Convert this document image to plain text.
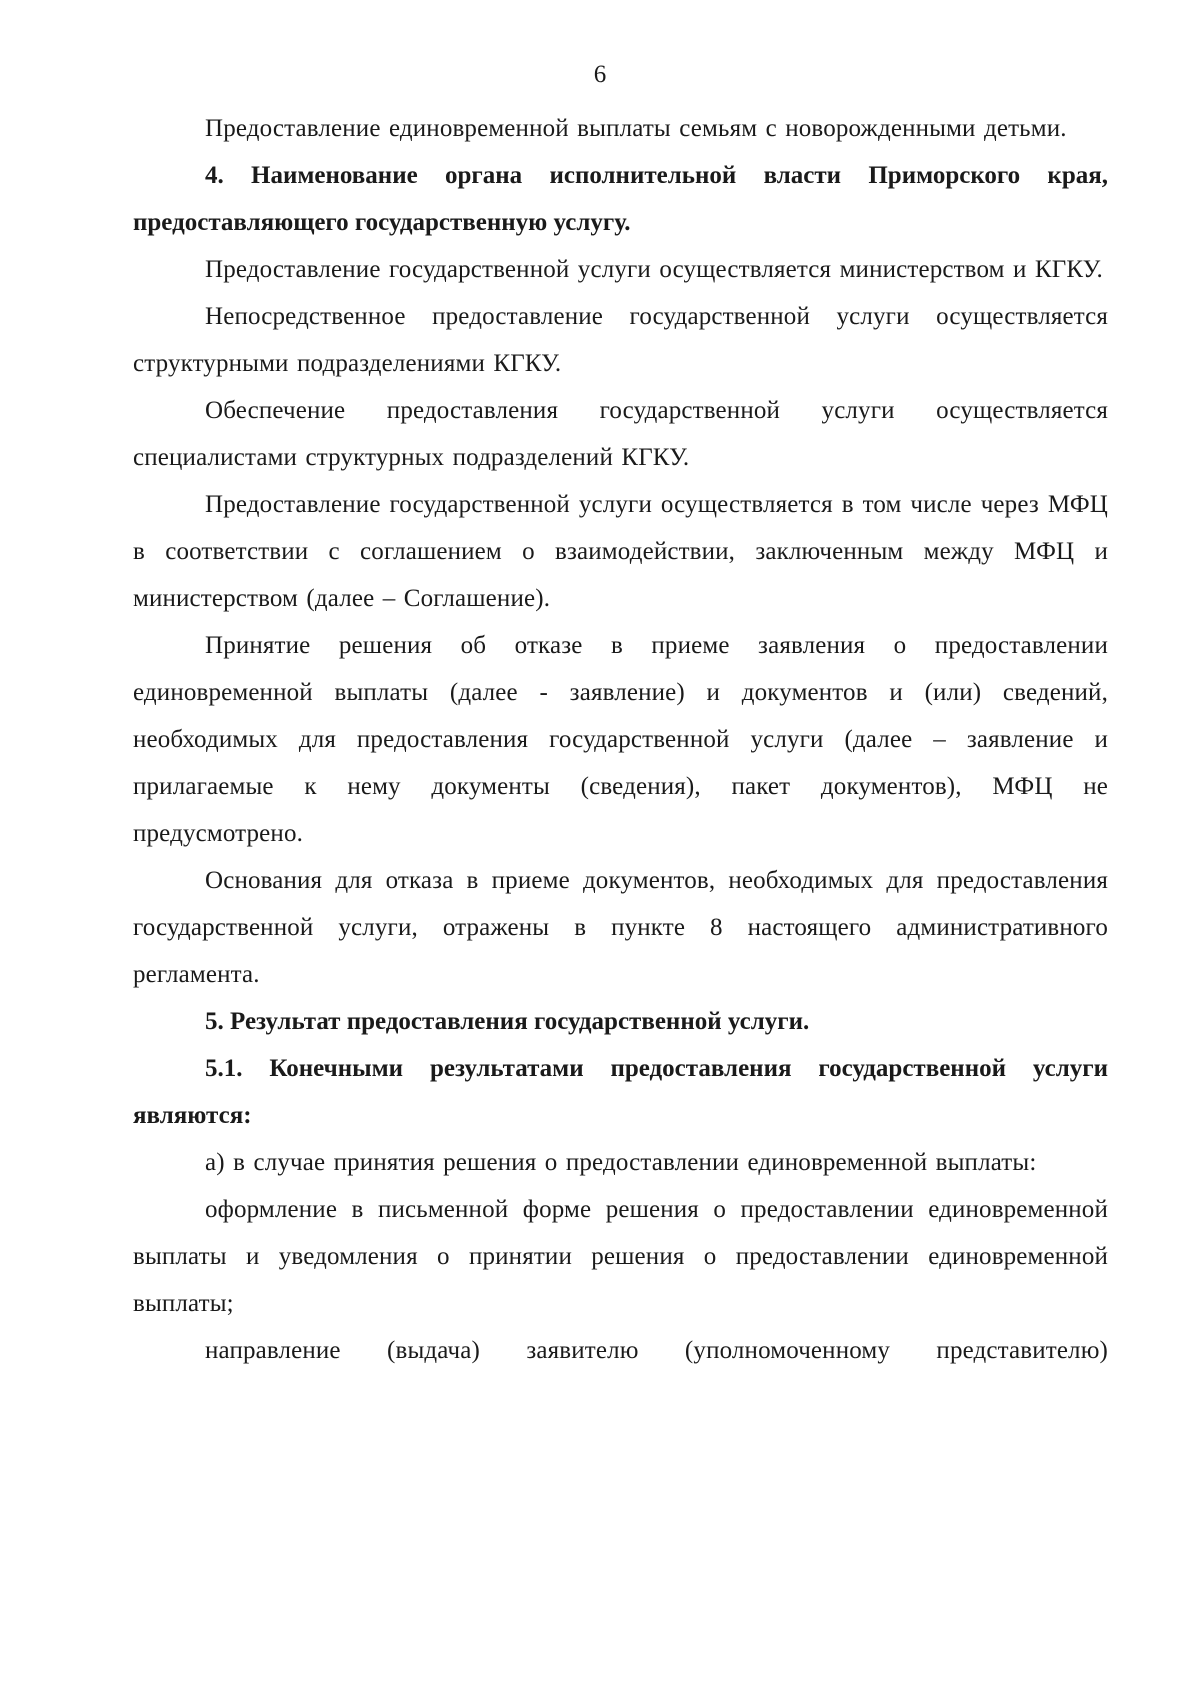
6

Предоставление единовременной выплаты семьям с новорожденными детьми.

4. Наименование органа исполнительной власти Приморского края, предоставляющего государственную услугу.

Предоставление государственной услуги осуществляется министерством и КГКУ.

Непосредственное предоставление государственной услуги осуществляется структурными подразделениями КГКУ.

Обеспечение предоставления государственной услуги осуществляется специалистами структурных подразделений КГКУ.

Предоставление государственной услуги осуществляется в том числе через МФЦ в соответствии с соглашением о взаимодействии, заключенным между МФЦ и министерством (далее – Соглашение).

Принятие решения об отказе в приеме заявления о предоставлении единовременной выплаты (далее - заявление) и документов и (или) сведений, необходимых для предоставления государственной услуги (далее – заявление и прилагаемые к нему документы (сведения), пакет документов), МФЦ не предусмотрено.

Основания для отказа в приеме документов, необходимых для предоставления государственной услуги, отражены в пункте 8 настоящего административного регламента.

5. Результат предоставления государственной услуги.

5.1. Конечными результатами предоставления государственной услуги являются:

а) в случае принятия решения о предоставлении единовременной выплаты:

оформление в письменной форме решения о предоставлении единовременной выплаты и уведомления о принятии решения о предоставлении единовременной выплаты;

направление (выдача) заявителю (уполномоченному представителю)
